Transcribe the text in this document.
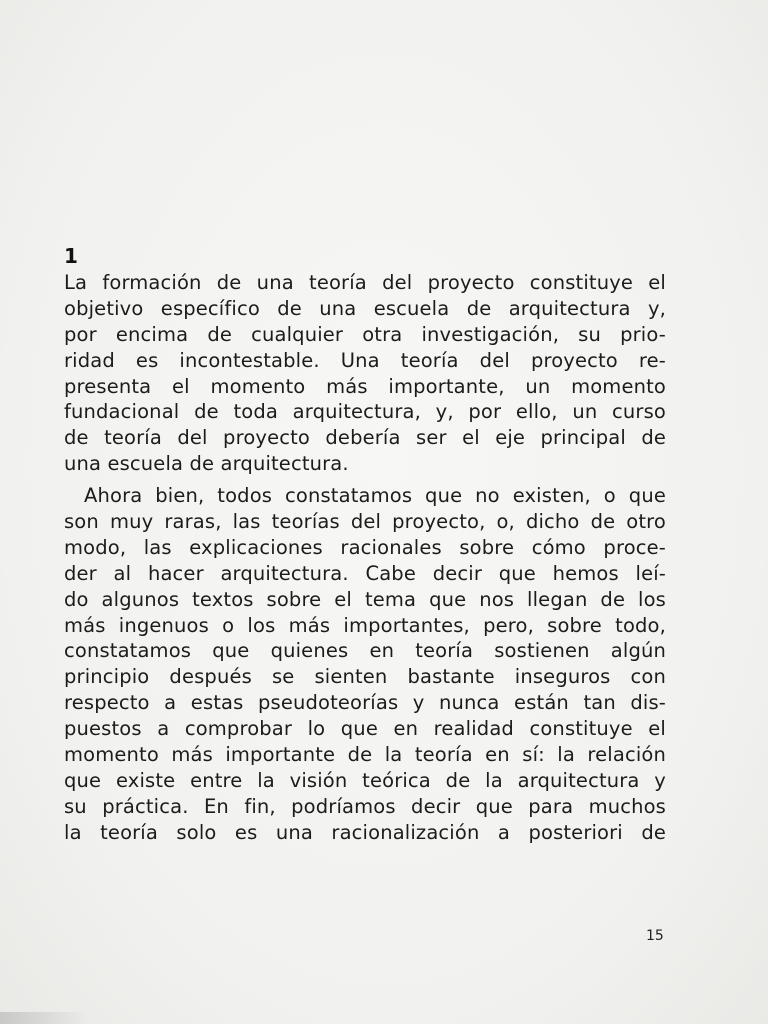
1
La formación de una teoría del proyecto constituye el
objetivo específico de una escuela de arquitectura y,
por encima de cualquier otra investigación, su prio-
ridad es incontestable. Una teoría del proyecto re-
presenta el momento más importante, un momento
fundacional de toda arquitectura, y, por ello, un curso
de teoría del proyecto debería ser el eje principal de
una escuela de arquitectura.
Ahora bien, todos constatamos que no existen, o que
son muy raras, las teorías del proyecto, o, dicho de otro
modo, las explicaciones racionales sobre cómo proce-
der al hacer arquitectura. Cabe decir que hemos leí-
do algunos textos sobre el tema que nos llegan de los
más ingenuos o los más importantes, pero, sobre todo,
constatamos que quienes en teoría sostienen algún
principio después se sienten bastante inseguros con
respecto a estas pseudoteorías y nunca están tan dis-
puestos a comprobar lo que en realidad constituye el
momento más importante de la teoría en sí: la relación
que existe entre la visión teórica de la arquitectura y
su práctica. En fin, podríamos decir que para muchos
la teoría solo es una racionalización a posteriori de
15
